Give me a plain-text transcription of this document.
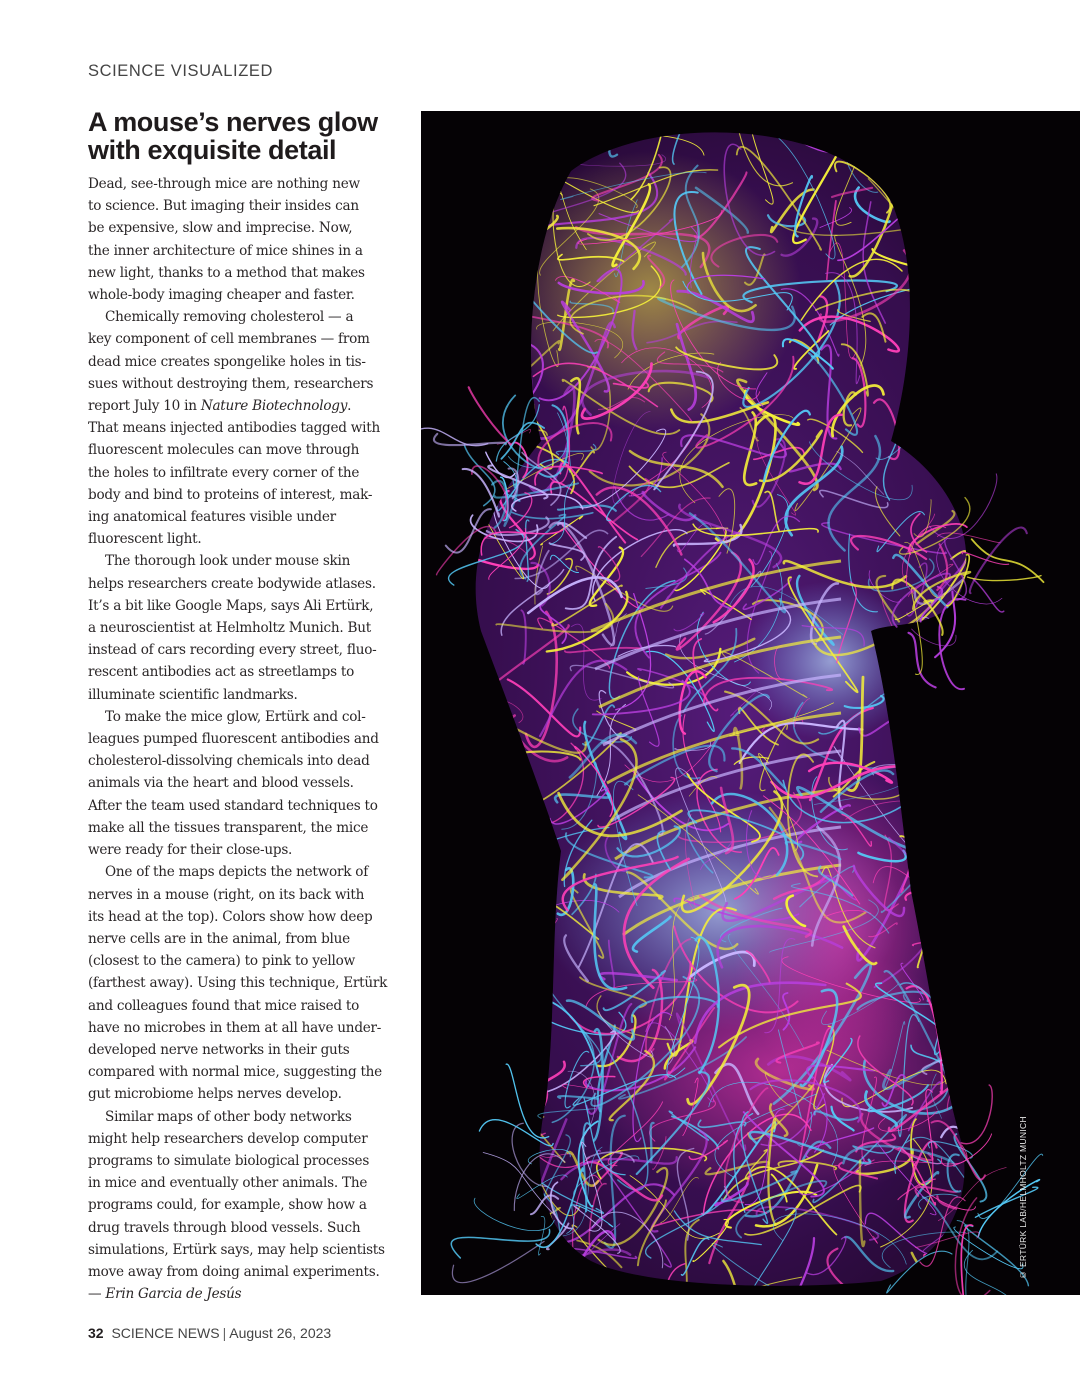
SCIENCE VISUALIZED
A mouse’s nerves glow
with exquisite detail
Dead, see-through mice are nothing new
to science. But imaging their insides can
be expensive, slow and imprecise. Now,
the inner architecture of mice shines in a
new light, thanks to a method that makes
whole-body imaging cheaper and faster.
Chemically removing cholesterol — a
key component of cell membranes — from
dead mice creates spongelike holes in tis-
sues without destroying them, researchers
report July 10 in Nature Biotechnology.
That means injected antibodies tagged with
fluorescent molecules can move through
the holes to infiltrate every corner of the
body and bind to proteins of interest, mak-
ing anatomical features visible under
fluorescent light.
The thorough look under mouse skin
helps researchers create bodywide atlases.
It’s a bit like Google Maps, says Ali Ertürk,
a neuroscientist at Helmholtz Munich. But
instead of cars recording every street, fluo-
rescent antibodies act as streetlamps to
illuminate scientific landmarks.
To make the mice glow, Ertürk and col-
leagues pumped fluorescent antibodies and
cholesterol-dissolving chemicals into dead
animals via the heart and blood vessels.
After the team used standard techniques to
make all the tissues transparent, the mice
were ready for their close-ups.
One of the maps depicts the network of
nerves in a mouse (right, on its back with
its head at the top). Colors show how deep
nerve cells are in the animal, from blue
(closest to the camera) to pink to yellow
(farthest away). Using this technique, Ertürk
and colleagues found that mice raised to
have no microbes in them at all have under-
developed nerve networks in their guts
compared with normal mice, suggesting the
gut microbiome helps nerves develop.
Similar maps of other body networks
might help researchers develop computer
programs to simulate biological processes
in mice and eventually other animals. The
programs could, for example, show how a
drug travels through blood vessels. Such
simulations, Ertürk says, may help scientists
move away from doing animal experiments.
— Erin Garcia de Jesús
© ERTÜRK LAB/HELMHOLTZ MUNICH
32 SCIENCE NEWS | August 26, 2023
